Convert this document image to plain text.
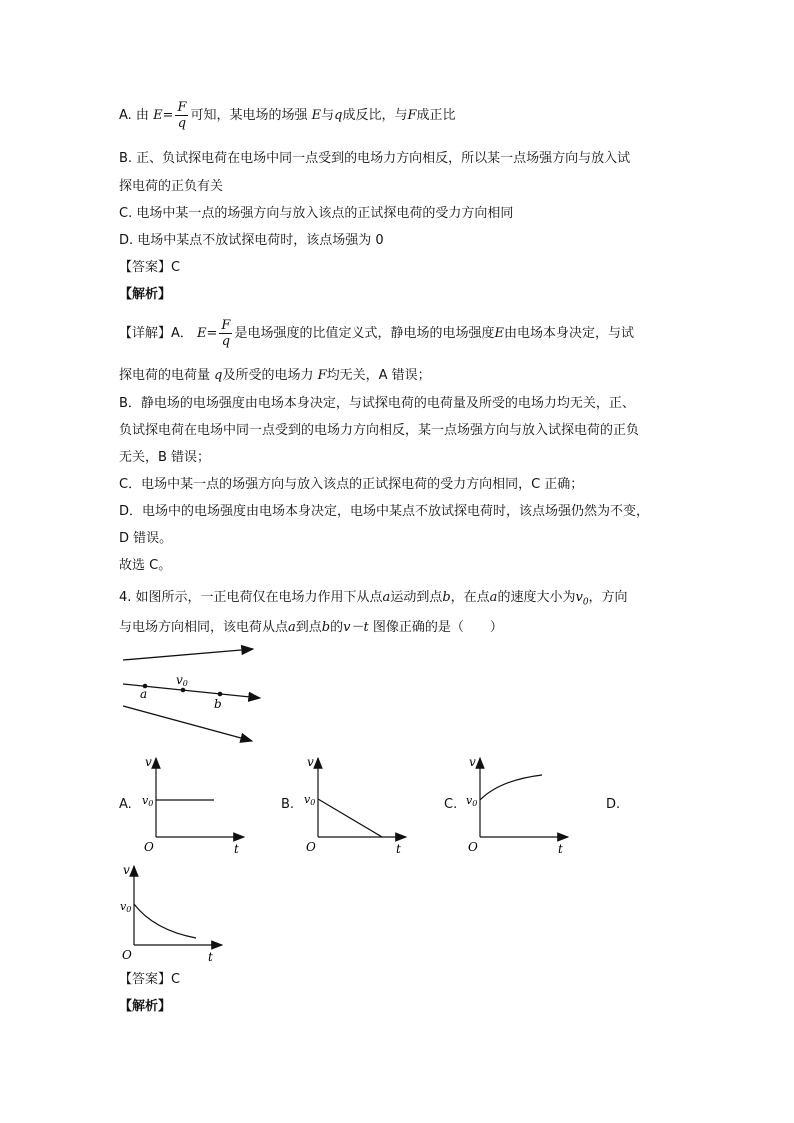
A. 由 $E= \frac{F}{q}$ 可知，某电场的场强 E与q成反比，与F成正比
B. 正、负试探电荷在电场中同一点受到的电场力方向相反，所以某一点场强方向与放入试
探电荷的正负有关
C. 电场中某一点的场强方向与放入该点的正试探电荷的受力方向相同
D. 电场中某点不放试探电荷时，该点场强为 0
【答案】C
【解析】
【详解】A． $E= \frac{F}{q}$ 是电场强度的比值定义式，静电场的电场强度E由电场本身决定，与试
探电荷的电荷量 q及所受的电场力 F均无关，A 错误；
B．静电场的电场强度由电场本身决定，与试探电荷的电荷量及所受的电场力均无关，正、
负试探电荷在电场中同一点受到的电场力方向相反，某一点场强方向与放入试探电荷的正负
无关，B 错误；
C．电场中某一点的场强方向与放入该点的正试探电荷的受力方向相同，C 正确；
D．电场中的电场强度由电场本身决定，电场中某点不放试探电荷时，该点场强仍然为不变，
D 错误。
故选 C。
4. 如图所示，一正电荷仅在电场力作用下从点a运动到点b，在点a的速度大小为$v_0$，方向
与电场方向相同，该电荷从点a到点b的v－t 图像正确的是（　　）
a
v0
b
A.	B.	C.	D.
v
v0
O	t
v
v0
O	t
v
v0
O	t
v
v0
O	t
【答案】C
【解析】
